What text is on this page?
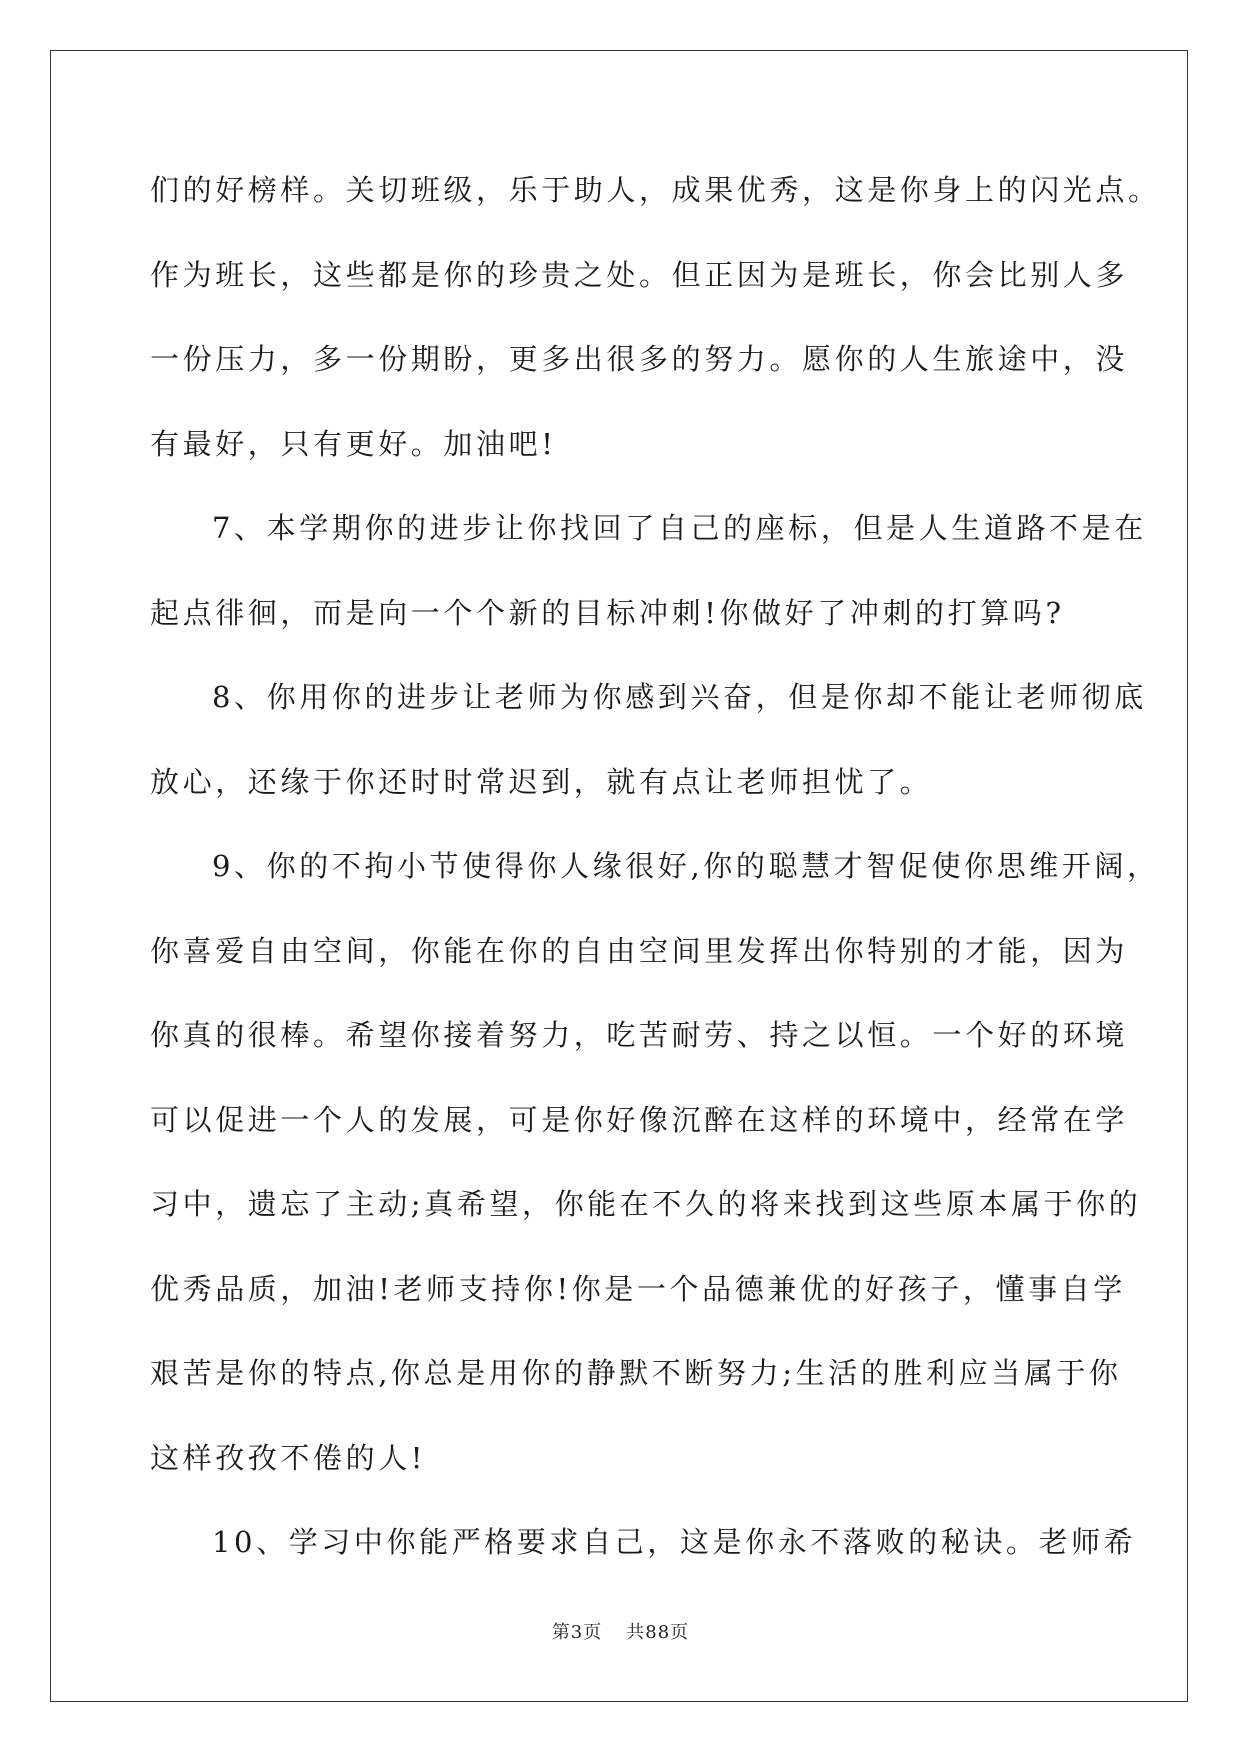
们的好榜样。关切班级，乐于助人，成果优秀，这是你身上的闪光点。
作为班长，这些都是你的珍贵之处。但正因为是班长，你会比别人多
一份压力，多一份期盼，更多出很多的努力。愿你的人生旅途中，没
有最好，只有更好。加油吧!
7、本学期你的进步让你找回了自己的座标，但是人生道路不是在
起点徘徊，而是向一个个新的目标冲刺!你做好了冲刺的打算吗?
8、你用你的进步让老师为你感到兴奋，但是你却不能让老师彻底
放心，还缘于你还时时常迟到，就有点让老师担忧了。
9、你的不拘小节使得你人缘很好,你的聪慧才智促使你思维开阔，
你喜爱自由空间，你能在你的自由空间里发挥出你特别的才能，因为
你真的很棒。希望你接着努力，吃苦耐劳、持之以恒。一个好的环境
可以促进一个人的发展，可是你好像沉醉在这样的环境中，经常在学
习中，遗忘了主动;真希望，你能在不久的将来找到这些原本属于你的
优秀品质，加油!老师支持你!你是一个品德兼优的好孩子，懂事自学
艰苦是你的特点,你总是用你的静默不断努力;生活的胜利应当属于你
这样孜孜不倦的人!
10、学习中你能严格要求自己，这是你永不落败的秘诀。老师希
第3页 共88页
